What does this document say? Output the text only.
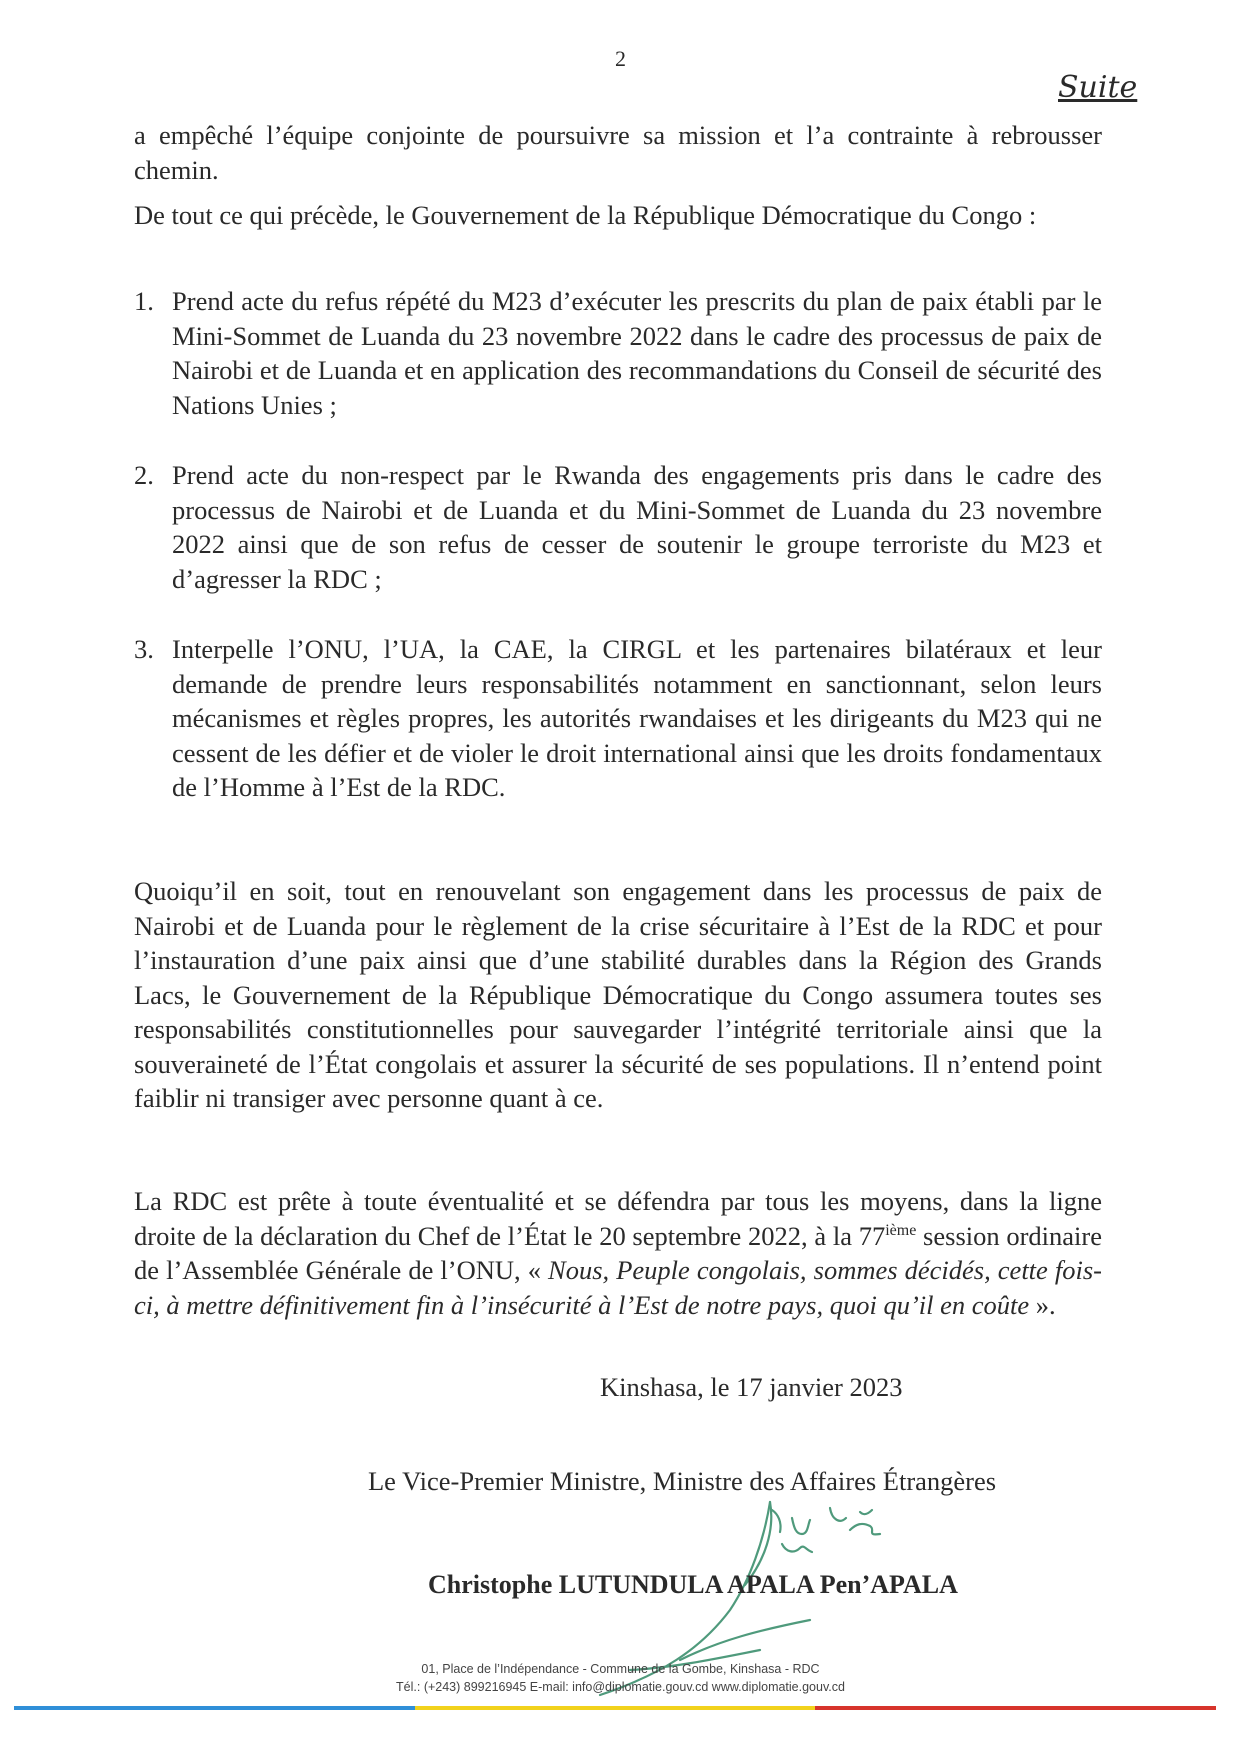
2
Suite
a empêché l’équipe conjointe de poursuivre sa mission et l’a contrainte à rebrousser chemin.
De tout ce qui précède, le Gouvernement de la République Démocratique du Congo :
1. Prend acte du refus répété du M23 d’exécuter les prescrits du plan de paix établi par le Mini-Sommet de Luanda du 23 novembre 2022 dans le cadre des processus de paix de Nairobi et de Luanda et en application des recommandations du Conseil de sécurité des Nations Unies ;
2. Prend acte du non-respect par le Rwanda des engagements pris dans le cadre des processus de Nairobi et de Luanda et du Mini-Sommet de Luanda du 23 novembre 2022 ainsi que de son refus de cesser de soutenir le groupe terroriste du M23 et d’agresser la RDC ;
3. Interpelle l’ONU, l’UA, la CAE, la CIRGL et les partenaires bilatéraux et leur demande de prendre leurs responsabilités notamment en sanctionnant, selon leurs mécanismes et règles propres, les autorités rwandaises et les dirigeants du M23 qui ne cessent de les défier et de violer le droit international ainsi que les droits fondamentaux de l’Homme à l’Est de la RDC.
Quoiqu’il en soit, tout en renouvelant son engagement dans les processus de paix de Nairobi et de Luanda pour le règlement de la crise sécuritaire à l’Est de la RDC et pour l’instauration d’une paix ainsi que d’une stabilité durables dans la Région des Grands Lacs, le Gouvernement de la République Démocratique du Congo assumera toutes ses responsabilités constitutionnelles pour sauvegarder l’intégrité territoriale ainsi que la souveraineté de l’État congolais et assurer la sécurité de ses populations. Il n’entend point faiblir ni transiger avec personne quant à ce.
La RDC est prête à toute éventualité et se défendra par tous les moyens, dans la ligne droite de la déclaration du Chef de l’État le 20 septembre 2022, à la 77ième session ordinaire de l’Assemblée Générale de l’ONU, « Nous, Peuple congolais, sommes décidés, cette fois-ci, à mettre définitivement fin à l’insécurité à l’Est de notre pays, quoi qu’il en coûte ».
Kinshasa, le 17 janvier 2023
Le Vice-Premier Ministre, Ministre des Affaires Étrangères
Christophe LUTUNDULA APALA Pen’APALA
01, Place de l’Indépendance - Commune de la Gombe, Kinshasa - RDC
Tél.: (+243) 899216945 E-mail: info@diplomatie.gouv.cd www.diplomatie.gouv.cd
